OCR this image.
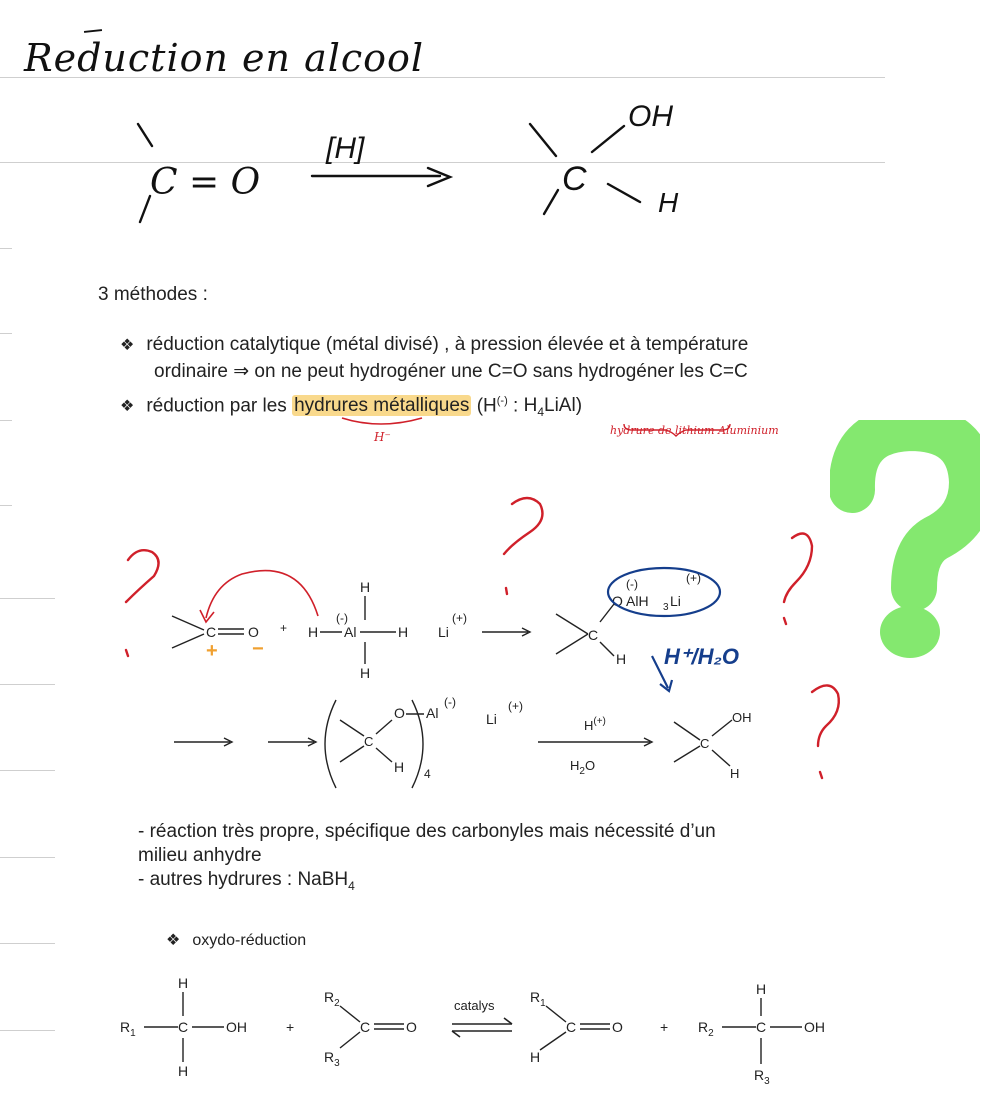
Reduction en alcool
C = O
[H]
C
OH
H
3 méthodes :
❖ réduction catalytique (métal divisé) , à pression élevée et à température
ordinaire ⇒ on ne peut hydrogéner une C=O sans hydrogéner les C=C
❖ réduction par les hydrures métalliques (H(-) : $H_4LiAl$)
H⁻	hydrure de lithium Aluminium
C O
+ −
+ H Al
(-)
H
H
H
Li
(+)
C
H
O AlH 3 Li
(-)	(+)
H⁺/H₂O
C
O
H 4
Al
(-)
Li
(+)
H(+)
$H_2O$
C
OH
H
- réaction très propre, spécifique des carbonyles mais nécessité d’un
milieu anhydre
- autres hydrures : NaBH$_4$
❖ oxydo-réduction
$R_1$	C	OH
H
H
+
$R_2$
$R_3$
C	O
catalys
$R_1$
H
C	O	+ $R_2$	C	OH
H
$R_3$
